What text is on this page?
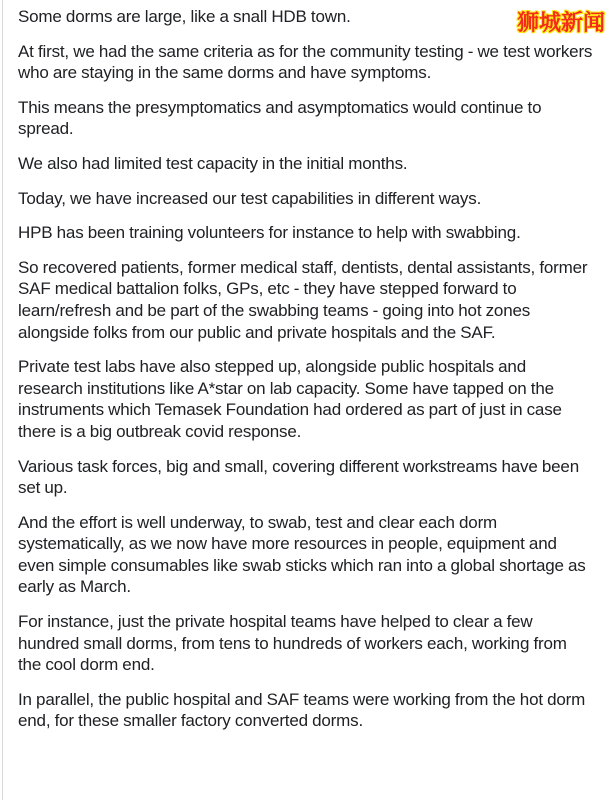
狮城新闻

Some dorms are large, like a snall HDB town.

At first, we had the same criteria as for the community testing - we test workers who are staying in the same dorms and have symptoms.

This means the presymptomatics and asymptomatics would continue to spread.

We also had limited test capacity in the initial months.

Today, we have increased our test capabilities in different ways.

HPB has been training volunteers for instance to help with swabbing.

So recovered patients, former medical staff, dentists, dental assistants, former SAF medical battalion folks, GPs, etc - they have stepped forward to learn/refresh and be part of the swabbing teams - going into hot zones alongside folks from our public and private hospitals and the SAF.

Private test labs have also stepped up, alongside public hospitals and research institutions like A*star on lab capacity. Some have tapped on the instruments which Temasek Foundation had ordered as part of just in case there is a big outbreak covid response.

Various task forces, big and small, covering different workstreams have been set up.

And the effort is well underway, to swab, test and clear each dorm systematically, as we now have more resources in people, equipment and even simple consumables like swab sticks which ran into a global shortage as early as March.

For instance, just the private hospital teams have helped to clear a few hundred small dorms, from tens to hundreds of workers each, working from the cool dorm end.

In parallel, the public hospital and SAF teams were working from the hot dorm end, for these smaller factory converted dorms.
